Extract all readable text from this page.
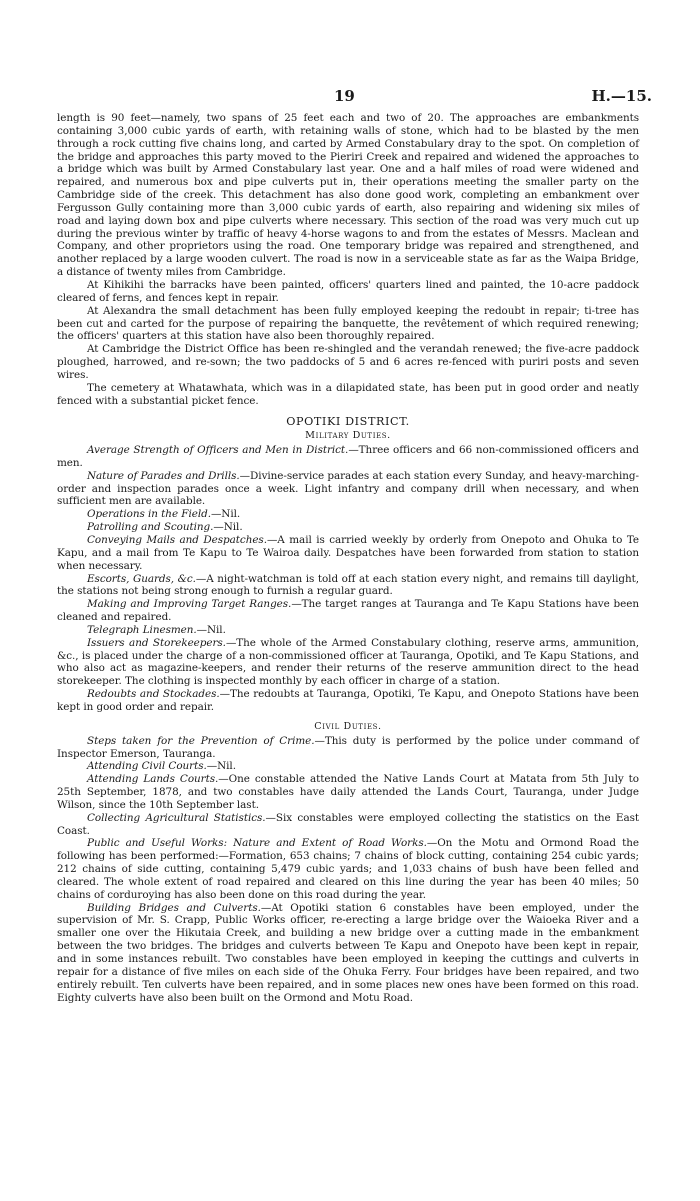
19	H.—15.

length is 90 feet—namely, two spans of 25 feet each and two of 20. The approaches are embankments containing 3,000 cubic yards of earth, with retaining walls of stone, which had to be blasted by the men through a rock cutting five chains long, and carted by Armed Constabulary dray to the spot. On completion of the bridge and approaches this party moved to the Pieriri Creek and repaired and widened the approaches to a bridge which was built by Armed Constabulary last year. One and a half miles of road were widened and repaired, and numerous box and pipe culverts put in, their operations meeting the smaller party on the Cambridge side of the creek. This detachment has also done good work, completing an embankment over Fergusson Gully containing more than 3,000 cubic yards of earth, also repairing and widening six miles of road and laying down box and pipe culverts where necessary. This section of the road was very much cut up during the previous winter by traffic of heavy 4-horse wagons to and from the estates of Messrs. Maclean and Company, and other proprietors using the road. One temporary bridge was repaired and strengthened, and another replaced by a large wooden culvert. The road is now in a serviceable state as far as the Waipa Bridge, a distance of twenty miles from Cambridge.

At Kihikihi the barracks have been painted, officers' quarters lined and painted, the 10-acre paddock cleared of ferns, and fences kept in repair.

At Alexandra the small detachment has been fully employed keeping the redoubt in repair; ti-tree has been cut and carted for the purpose of repairing the banquette, the revêtement of which required renewing; the officers' quarters at this station have also been thoroughly repaired.

At Cambridge the District Office has been re-shingled and the verandah renewed; the five-acre paddock ploughed, harrowed, and re-sown; the two paddocks of 5 and 6 acres re-fenced with puriri posts and seven wires.

The cemetery at Whatawhata, which was in a dilapidated state, has been put in good order and neatly fenced with a substantial picket fence.

OPOTIKI DISTRICT.
Military Duties.

Average Strength of Officers and Men in District.—Three officers and 66 non-commissioned officers and men.

Nature of Parades and Drills.—Divine-service parades at each station every Sunday, and heavy-marching-order and inspection parades once a week. Light infantry and company drill when necessary, and when sufficient men are available.

Operations in the Field.—Nil.

Patrolling and Scouting.—Nil.

Conveying Mails and Despatches.—A mail is carried weekly by orderly from Onepoto and Ohuka to Te Kapu, and a mail from Te Kapu to Te Wairoa daily. Despatches have been forwarded from station to station when necessary.

Escorts, Guards, &c.—A night-watchman is told off at each station every night, and remains till daylight, the stations not being strong enough to furnish a regular guard.

Making and Improving Target Ranges.—The target ranges at Tauranga and Te Kapu Stations have been cleaned and repaired.

Telegraph Linesmen.—Nil.

Issuers and Storekeepers.—The whole of the Armed Constabulary clothing, reserve arms, ammunition, &c., is placed under the charge of a non-commissioned officer at Tauranga, Opotiki, and Te Kapu Stations, and who also act as magazine-keepers, and render their returns of the reserve ammunition direct to the head storekeeper. The clothing is inspected monthly by each officer in charge of a station.

Redoubts and Stockades.—The redoubts at Tauranga, Opotiki, Te Kapu, and Onepoto Stations have been kept in good order and repair.

Civil Duties.

Steps taken for the Prevention of Crime.—This duty is performed by the police under command of Inspector Emerson, Tauranga.

Attending Civil Courts.—Nil.

Attending Lands Courts.—One constable attended the Native Lands Court at Matata from 5th July to 25th September, 1878, and two constables have daily attended the Lands Court, Tauranga, under Judge Wilson, since the 10th September last.

Collecting Agricultural Statistics.—Six constables were employed collecting the statistics on the East Coast.

Public and Useful Works: Nature and Extent of Road Works.—On the Motu and Ormond Road the following has been performed:—Formation, 653 chains; 7 chains of block cutting, containing 254 cubic yards; 212 chains of side cutting, containing 5,479 cubic yards; and 1,033 chains of bush have been felled and cleared. The whole extent of road repaired and cleared on this line during the year has been 40 miles; 50 chains of corduroying has also been done on this road during the year.

Building Bridges and Culverts.—At Opotiki station 6 constables have been employed, under the supervision of Mr. S. Crapp, Public Works officer, re-erecting a large bridge over the Waioeka River and a smaller one over the Hikutaia Creek, and building a new bridge over a cutting made in the embankment between the two bridges. The bridges and culverts between Te Kapu and Onepoto have been kept in repair, and in some instances rebuilt. Two constables have been employed in keeping the cuttings and culverts in repair for a distance of five miles on each side of the Ohuka Ferry. Four bridges have been repaired, and two entirely rebuilt. Ten culverts have been repaired, and in some places new ones have been formed on this road. Eighty culverts have also been built on the Ormond and Motu Road.
